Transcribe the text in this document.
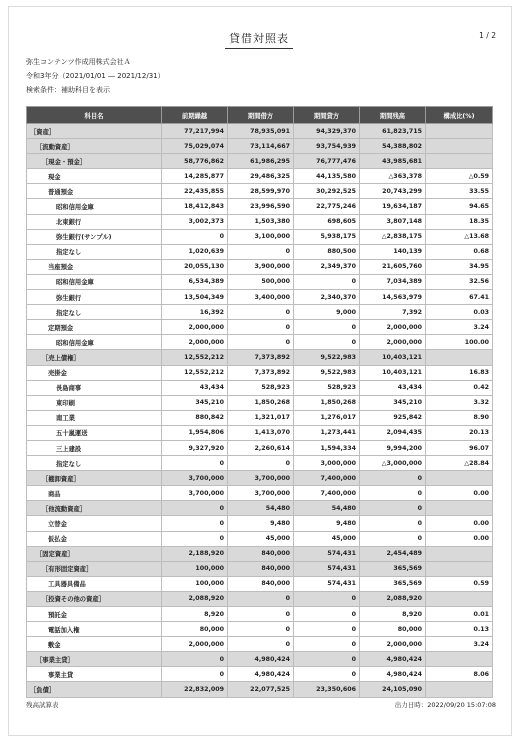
貸借対照表	1 / 2
弥生コンテンツ作成用株式会社Ａ
令和3年分（2021/01/01 ― 2021/12/31）
検索条件：補助科目を表示
科目名	前期繰越	期間借方	期間貸方	期間残高	構成比(%)
［資産］	77,217,994	78,935,091	94,329,370	61,823,715	
［流動資産］	75,029,074	73,114,667	93,754,939	54,388,802	
［現金・預金］	58,776,862	61,986,295	76,777,476	43,985,681	
現金	14,285,877	29,486,325	44,135,580	△363,378	△0.59
普通預金	22,435,855	28,599,970	30,292,525	20,743,299	33.55
昭和信用金庫	18,412,843	23,996,590	22,775,246	19,634,187	94.65
北東銀行	3,002,373	1,503,380	698,605	3,807,148	18.35
弥生銀行(サンプル)	0	3,100,000	5,938,175	△2,838,175	△13.68
指定なし	1,020,639	0	880,500	140,139	0.68
当座預金	20,055,130	3,900,000	2,349,370	21,605,760	34.95
昭和信用金庫	6,534,389	500,000	0	7,034,389	32.56
弥生銀行	13,504,349	3,400,000	2,340,370	14,563,979	67.41
指定なし	16,392	0	9,000	7,392	0.03
定期預金	2,000,000	0	0	2,000,000	3.24
昭和信用金庫	2,000,000	0	0	2,000,000	100.00
［売上債権］	12,552,212	7,373,892	9,522,983	10,403,121	
売掛金	12,552,212	7,373,892	9,522,983	10,403,121	16.83
長島商事	43,434	528,923	528,923	43,434	0.42
東印刷	345,210	1,850,268	1,850,268	345,210	3.32
南工業	880,842	1,321,017	1,276,017	925,842	8.90
五十嵐運送	1,954,806	1,413,070	1,273,441	2,094,435	20.13
三上建設	9,327,920	2,260,614	1,594,334	9,994,200	96.07
指定なし	0	0	3,000,000	△3,000,000	△28.84
［棚卸資産］	3,700,000	3,700,000	7,400,000	0	
商品	3,700,000	3,700,000	7,400,000	0	0.00
［他流動資産］	0	54,480	54,480	0	
立替金	0	9,480	9,480	0	0.00
仮払金	0	45,000	45,000	0	0.00
［固定資産］	2,188,920	840,000	574,431	2,454,489	
［有形固定資産］	100,000	840,000	574,431	365,569	
工具器具備品	100,000	840,000	574,431	365,569	0.59
［投資その他の資産］	2,088,920	0	0	2,088,920	
預託金	8,920	0	0	8,920	0.01
電話加入権	80,000	0	0	80,000	0.13
敷金	2,000,000	0	0	2,000,000	3.24
［事業主貸］	0	4,980,424	0	4,980,424	
事業主貸	0	4,980,424	0	4,980,424	8.06
［負債］	22,832,009	22,077,525	23,350,606	24,105,090	
残高試算表	出力日時：2022/09/20 15:07:08
